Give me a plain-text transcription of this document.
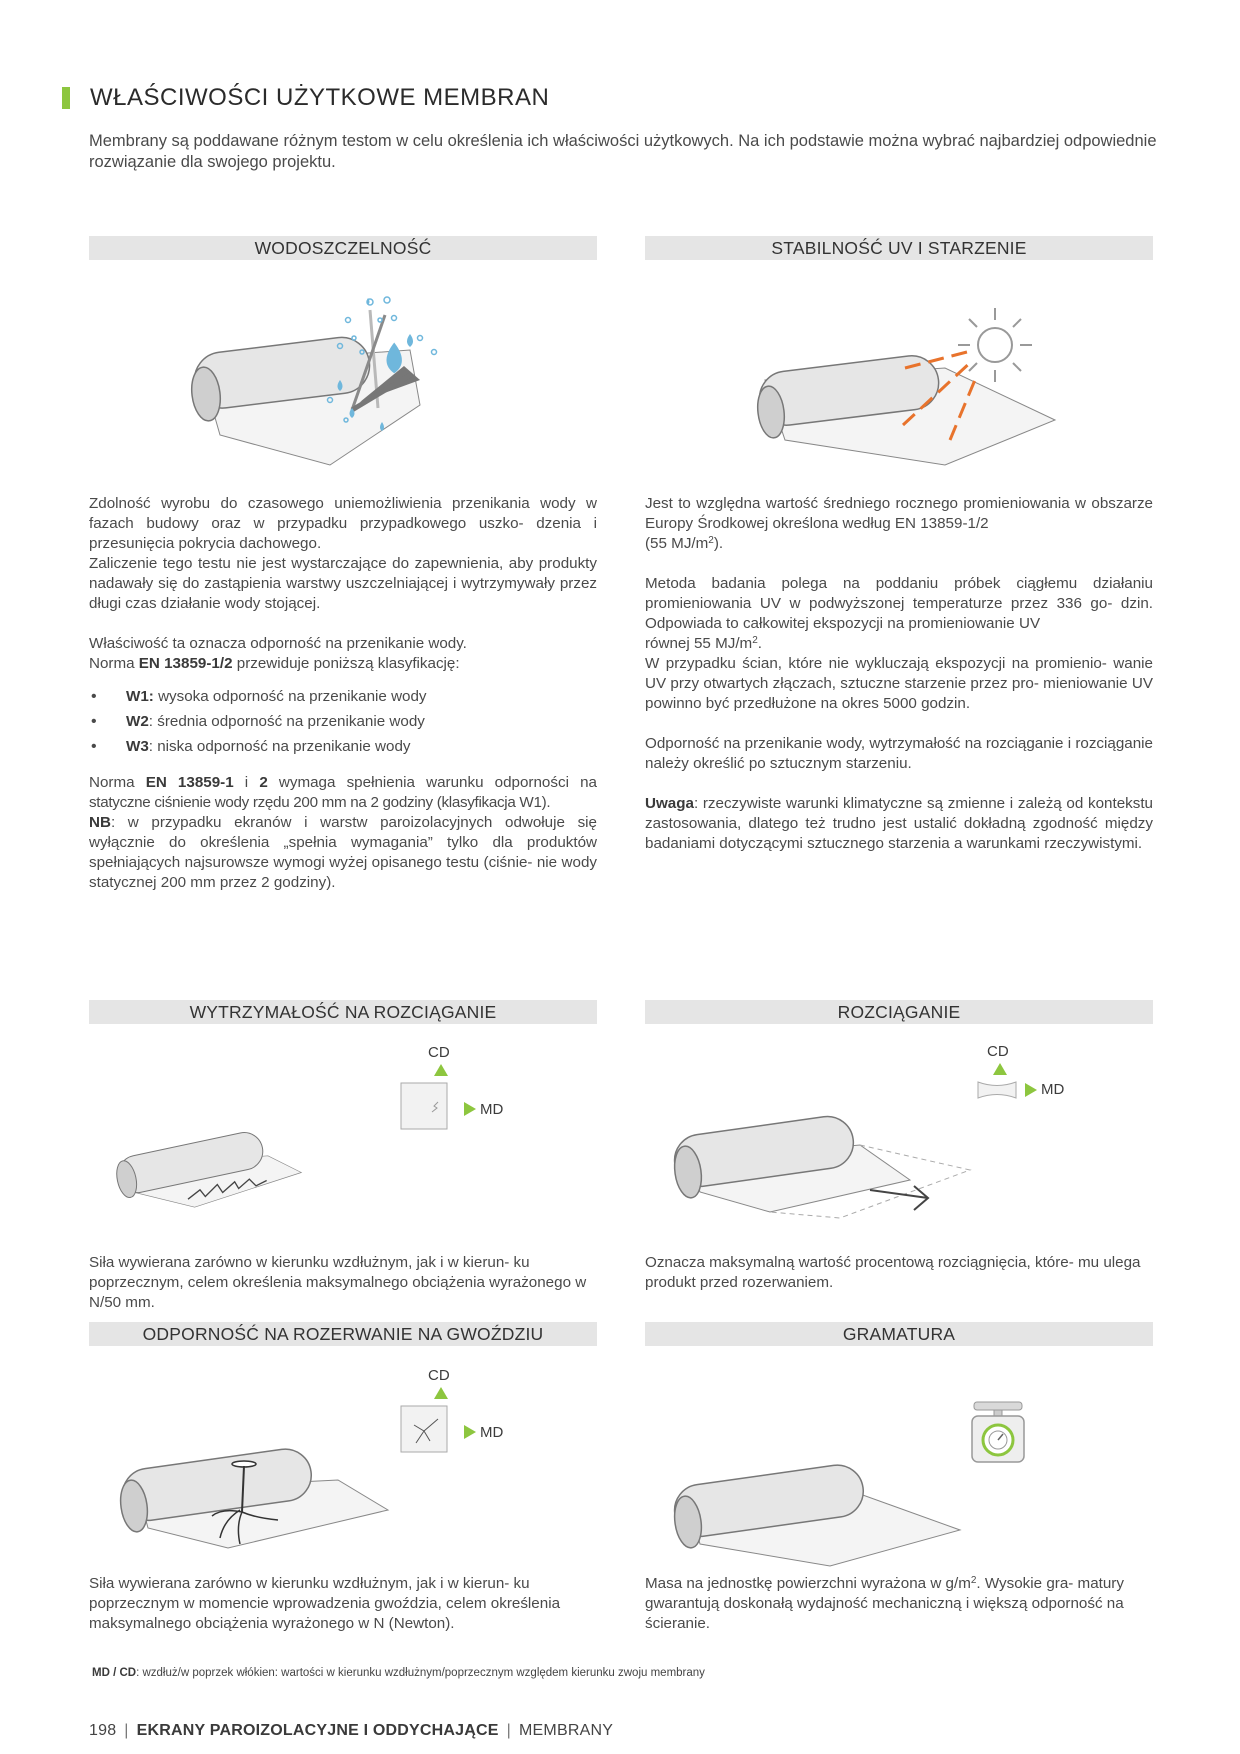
WŁAŚCIWOŚCI UŻYTKOWE MEMBRAN

Membrany są poddawane różnym testom w celu określenia ich właściwości użytkowych. Na ich podstawie można wybrać najbardziej odpowiednie rozwiązanie dla swojego projektu.

WODOSZCZELNOŚĆ

Zdolność wyrobu do czasowego uniemożliwienia przenikania wody w fazach budowy oraz w przypadku przypadkowego uszko- dzenia i przesunięcia pokrycia dachowego.

Zaliczenie tego testu nie jest wystarczające do zapewnienia, aby produkty nadawały się do zastąpienia warstwy uszczelniającej i wytrzymywały przez długi czas działanie wody stojącej.

Właściwość ta oznacza odporność na przenikanie wody.

Norma EN 13859-1/2 przewiduje poniższą klasyfikację:

• W1: wysoka odporność na przenikanie wody
• W2: średnia odporność na przenikanie wody
• W3: niska odporność na przenikanie wody

Norma EN 13859-1 i 2 wymaga spełnienia warunku odporności na statyczne ciśnienie wody rzędu 200 mm na 2 godziny (klasyfikacja W1).

NB: w przypadku ekranów i warstw paroizolacyjnych odwołuje się wyłącznie do określenia „spełnia wymagania” tylko dla produktów spełniających najsurowsze wymogi wyżej opisanego testu (ciśnie- nie wody statycznej 200 mm przez 2 godziny).

STABILNOŚĆ UV I STARZENIE

Jest to względna wartość średniego rocznego promieniowania w obszarze Europy Środkowej określona według EN 13859-1/2

(55 $MJ/m^2$).

Metoda badania polega na poddaniu próbek ciągłemu działaniu promieniowania UV w podwyższonej temperaturze przez 336 go- dzin. Odpowiada to całkowitej ekspozycji na promieniowanie UV

równej 55 $MJ/m^2$.

W przypadku ścian, które nie wykluczają ekspozycji na promienio- wanie UV przy otwartych złączach, sztuczne starzenie przez pro- mieniowanie UV powinno być przedłużone na okres 5000 godzin.

Odporność na przenikanie wody, wytrzymałość na rozciąganie i rozciąganie należy określić po sztucznym starzeniu.

Uwaga: rzeczywiste warunki klimatyczne są zmienne i zależą od kontekstu zastosowania, dlatego też trudno jest ustalić dokładną zgodność między badaniami dotyczącymi sztucznego starzenia a warunkami rzeczywistymi.

WYTRZYMAŁOŚĆ NA ROZCIĄGANIE
CD
MD

Siła wywierana zarówno w kierunku wzdłużnym, jak i w kierun- ku poprzecznym, celem określenia maksymalnego obciążenia wyrażonego w N/50 mm.

ROZCIĄGANIE
CD
MD

Oznacza maksymalną wartość procentową rozciągnięcia, które- mu ulega produkt przed rozerwaniem.

ODPORNOŚĆ NA ROZERWANIE NA GWOŹDZIU
CD
MD

Siła wywierana zarówno w kierunku wzdłużnym, jak i w kierun- ku poprzecznym w momencie wprowadzenia gwoździa, celem określenia maksymalnego obciążenia wyrażonego w N (Newton).

GRAMATURA

Masa na jednostkę powierzchni wyrażona w $g/m^2$. Wysokie gra- matury gwarantują doskonałą wydajność mechaniczną i większą odporność na ścieranie.

MD / CD: wzdłuż/w poprzek włókien: wartości w kierunku wzdłużnym/poprzecznym względem kierunku zwoju membrany

198 | EKRANY PAROIZOLACYJNE I ODDYCHAJĄCE | MEMBRANY
